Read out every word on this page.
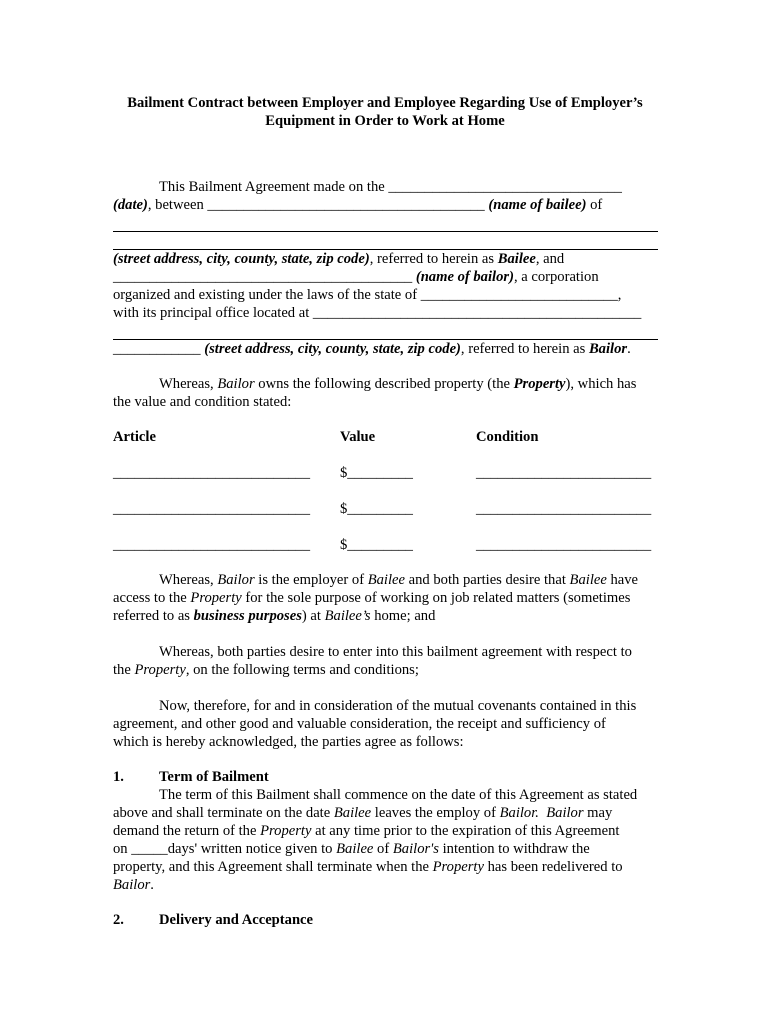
Bailment Contract between Employer and Employee Regarding Use of Employer’s
Equipment in Order to Work at Home
This Bailment Agreement made on the ________________________________
(date), between ______________________________________ (name of bailee) of
(street address, city, county, state, zip code), referred to herein as Bailee, and
_________________________________________ (name of bailor), a corporation
organized and existing under the laws of the state of ___________________________,
with its principal office located at _____________________________________________
____________ (street address, city, county, state, zip code), referred to herein as Bailor.
Whereas, Bailor owns the following described property (the Property), which has
the value and condition stated:
Article	Value	Condition
___________________________ $_________	________________________
___________________________ $_________	________________________
___________________________ $_________	________________________
Whereas, Bailor is the employer of Bailee and both parties desire that Bailee have
access to the Property for the sole purpose of working on job related matters (sometimes
referred to as business purposes) at Bailee’s home; and
Whereas, both parties desire to enter into this bailment agreement with respect to
the Property, on the following terms and conditions;
Now, therefore, for and in consideration of the mutual covenants contained in this
agreement, and other good and valuable consideration, the receipt and sufficiency of
which is hereby acknowledged, the parties agree as follows:
1. Term of Bailment
The term of this Bailment shall commence on the date of this Agreement as stated
above and shall terminate on the date Bailee leaves the employ of Bailor. Bailor may
demand the return of the Property at any time prior to the expiration of this Agreement
on _____days' written notice given to Bailee of Bailor's intention to withdraw the
property, and this Agreement shall terminate when the Property has been redelivered to
Bailor.
2. Delivery and Acceptance
